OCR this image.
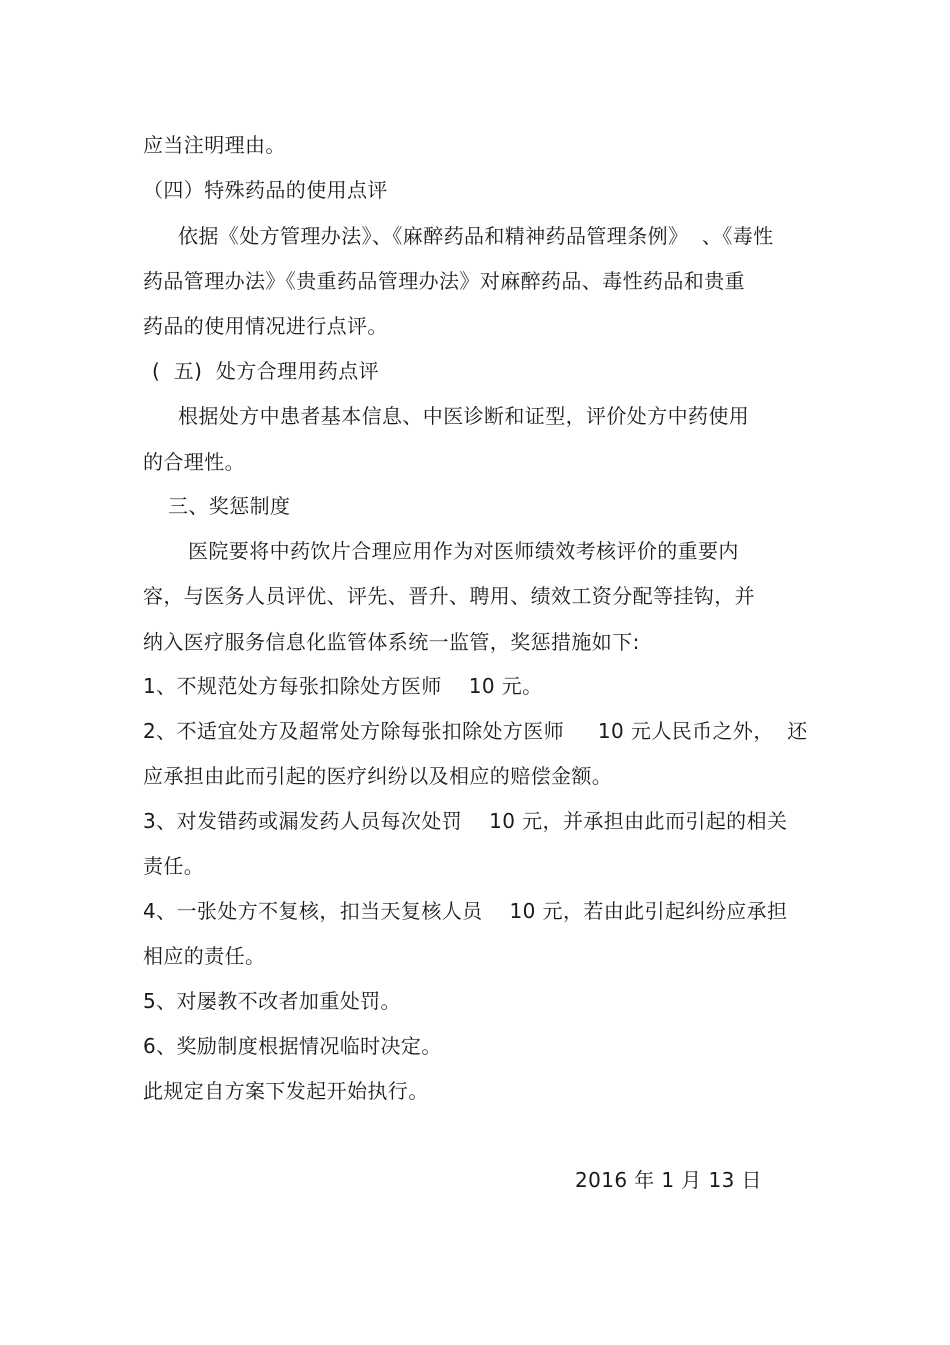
应当注明理由。
（四）特殊药品的使用点评
依据《处方管理办法》、《麻醉药品和精神药品管理条例》  、《毒性
药品管理办法》《贵重药品管理办法》对麻醉药品、毒性药品和贵重
药品的使用情况进行点评。
(  五)  处方合理用药点评
根据处方中患者基本信息、中医诊断和证型，评价处方中药使用
的合理性。
三、奖惩制度
医院要将中药饮片合理应用作为对医师绩效考核评价的重要内
容，与医务人员评优、评先、晋升、聘用、绩效工资分配等挂钩，并
纳入医疗服务信息化监管体系统一监管，奖惩措施如下:
1、不规范处方每张扣除处方医师    10 元。
2、不适宜处方及超常处方除每张扣除处方医师     10 元人民币之外，  还
应承担由此而引起的医疗纠纷以及相应的赔偿金额。
3、对发错药或漏发药人员每次处罚    10 元，并承担由此而引起的相关
责任。
4、一张处方不复核，扣当天复核人员    10 元，若由此引起纠纷应承担
相应的责任。
5、对屡教不改者加重处罚。
6、奖励制度根据情况临时决定。
此规定自方案下发起开始执行。
2016 年 1 月 13 日
